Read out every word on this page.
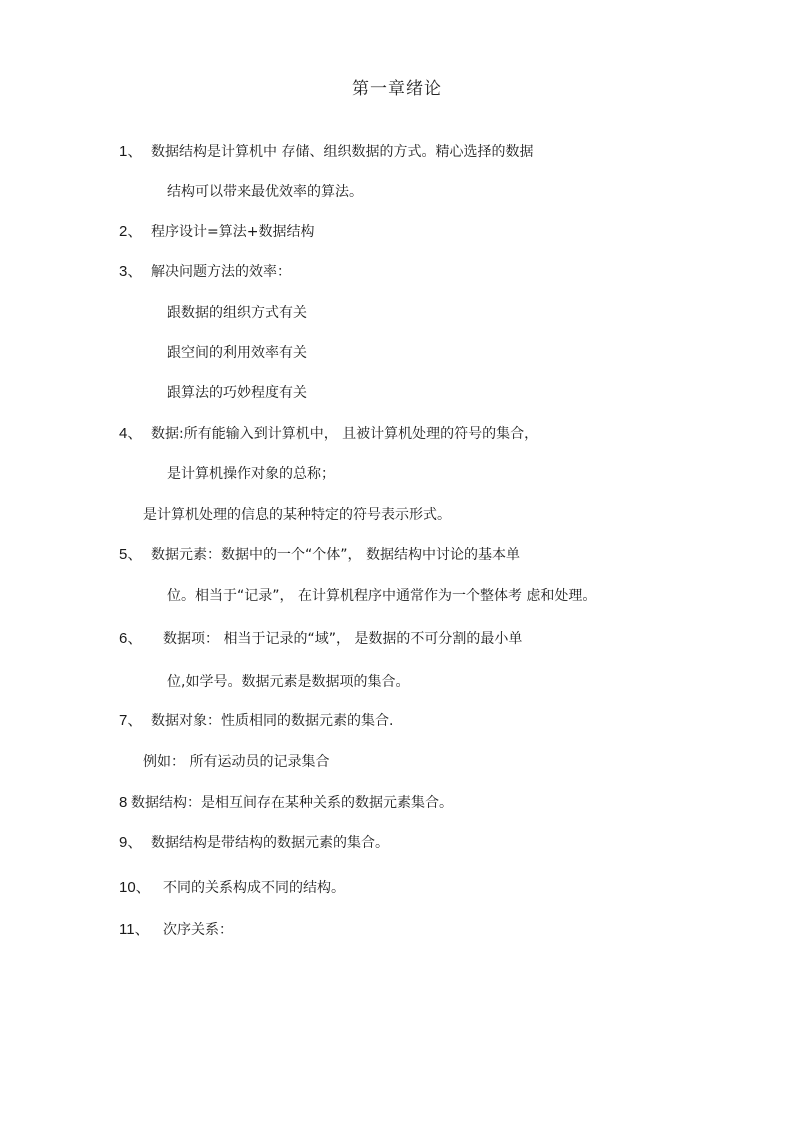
第一章绪论
1、 数据结构是计算机中 存储、组织数据的方式。精心选择的数据
结构可以带来最优效率的算法。
2、 程序设计=算法+数据结构
3、 解决问题方法的效率：
跟数据的组织方式有关
跟空间的利用效率有关
跟算法的巧妙程度有关
4、 数据:所有能输入到计算机中， 且被计算机处理的符号的集合，
是计算机操作对象的总称；
是计算机处理的信息的某种特定的符号表示形式。
5、 数据元素：数据中的一个“个体”， 数据结构中讨论的基本单
位。相当于“记录”， 在计算机程序中通常作为一个整体考 虑和处理。
6、 数据项： 相当于记录的“域”， 是数据的不可分割的最小单
位,如学号。数据元素是数据项的集合。
7、 数据对象：性质相同的数据元素的集合.
例如： 所有运动员的记录集合
8 数据结构：是相互间存在某种关系的数据元素集合。
9、 数据结构是带结构的数据元素的集合。
10、 不同的关系构成不同的结构。
11、 次序关系：
